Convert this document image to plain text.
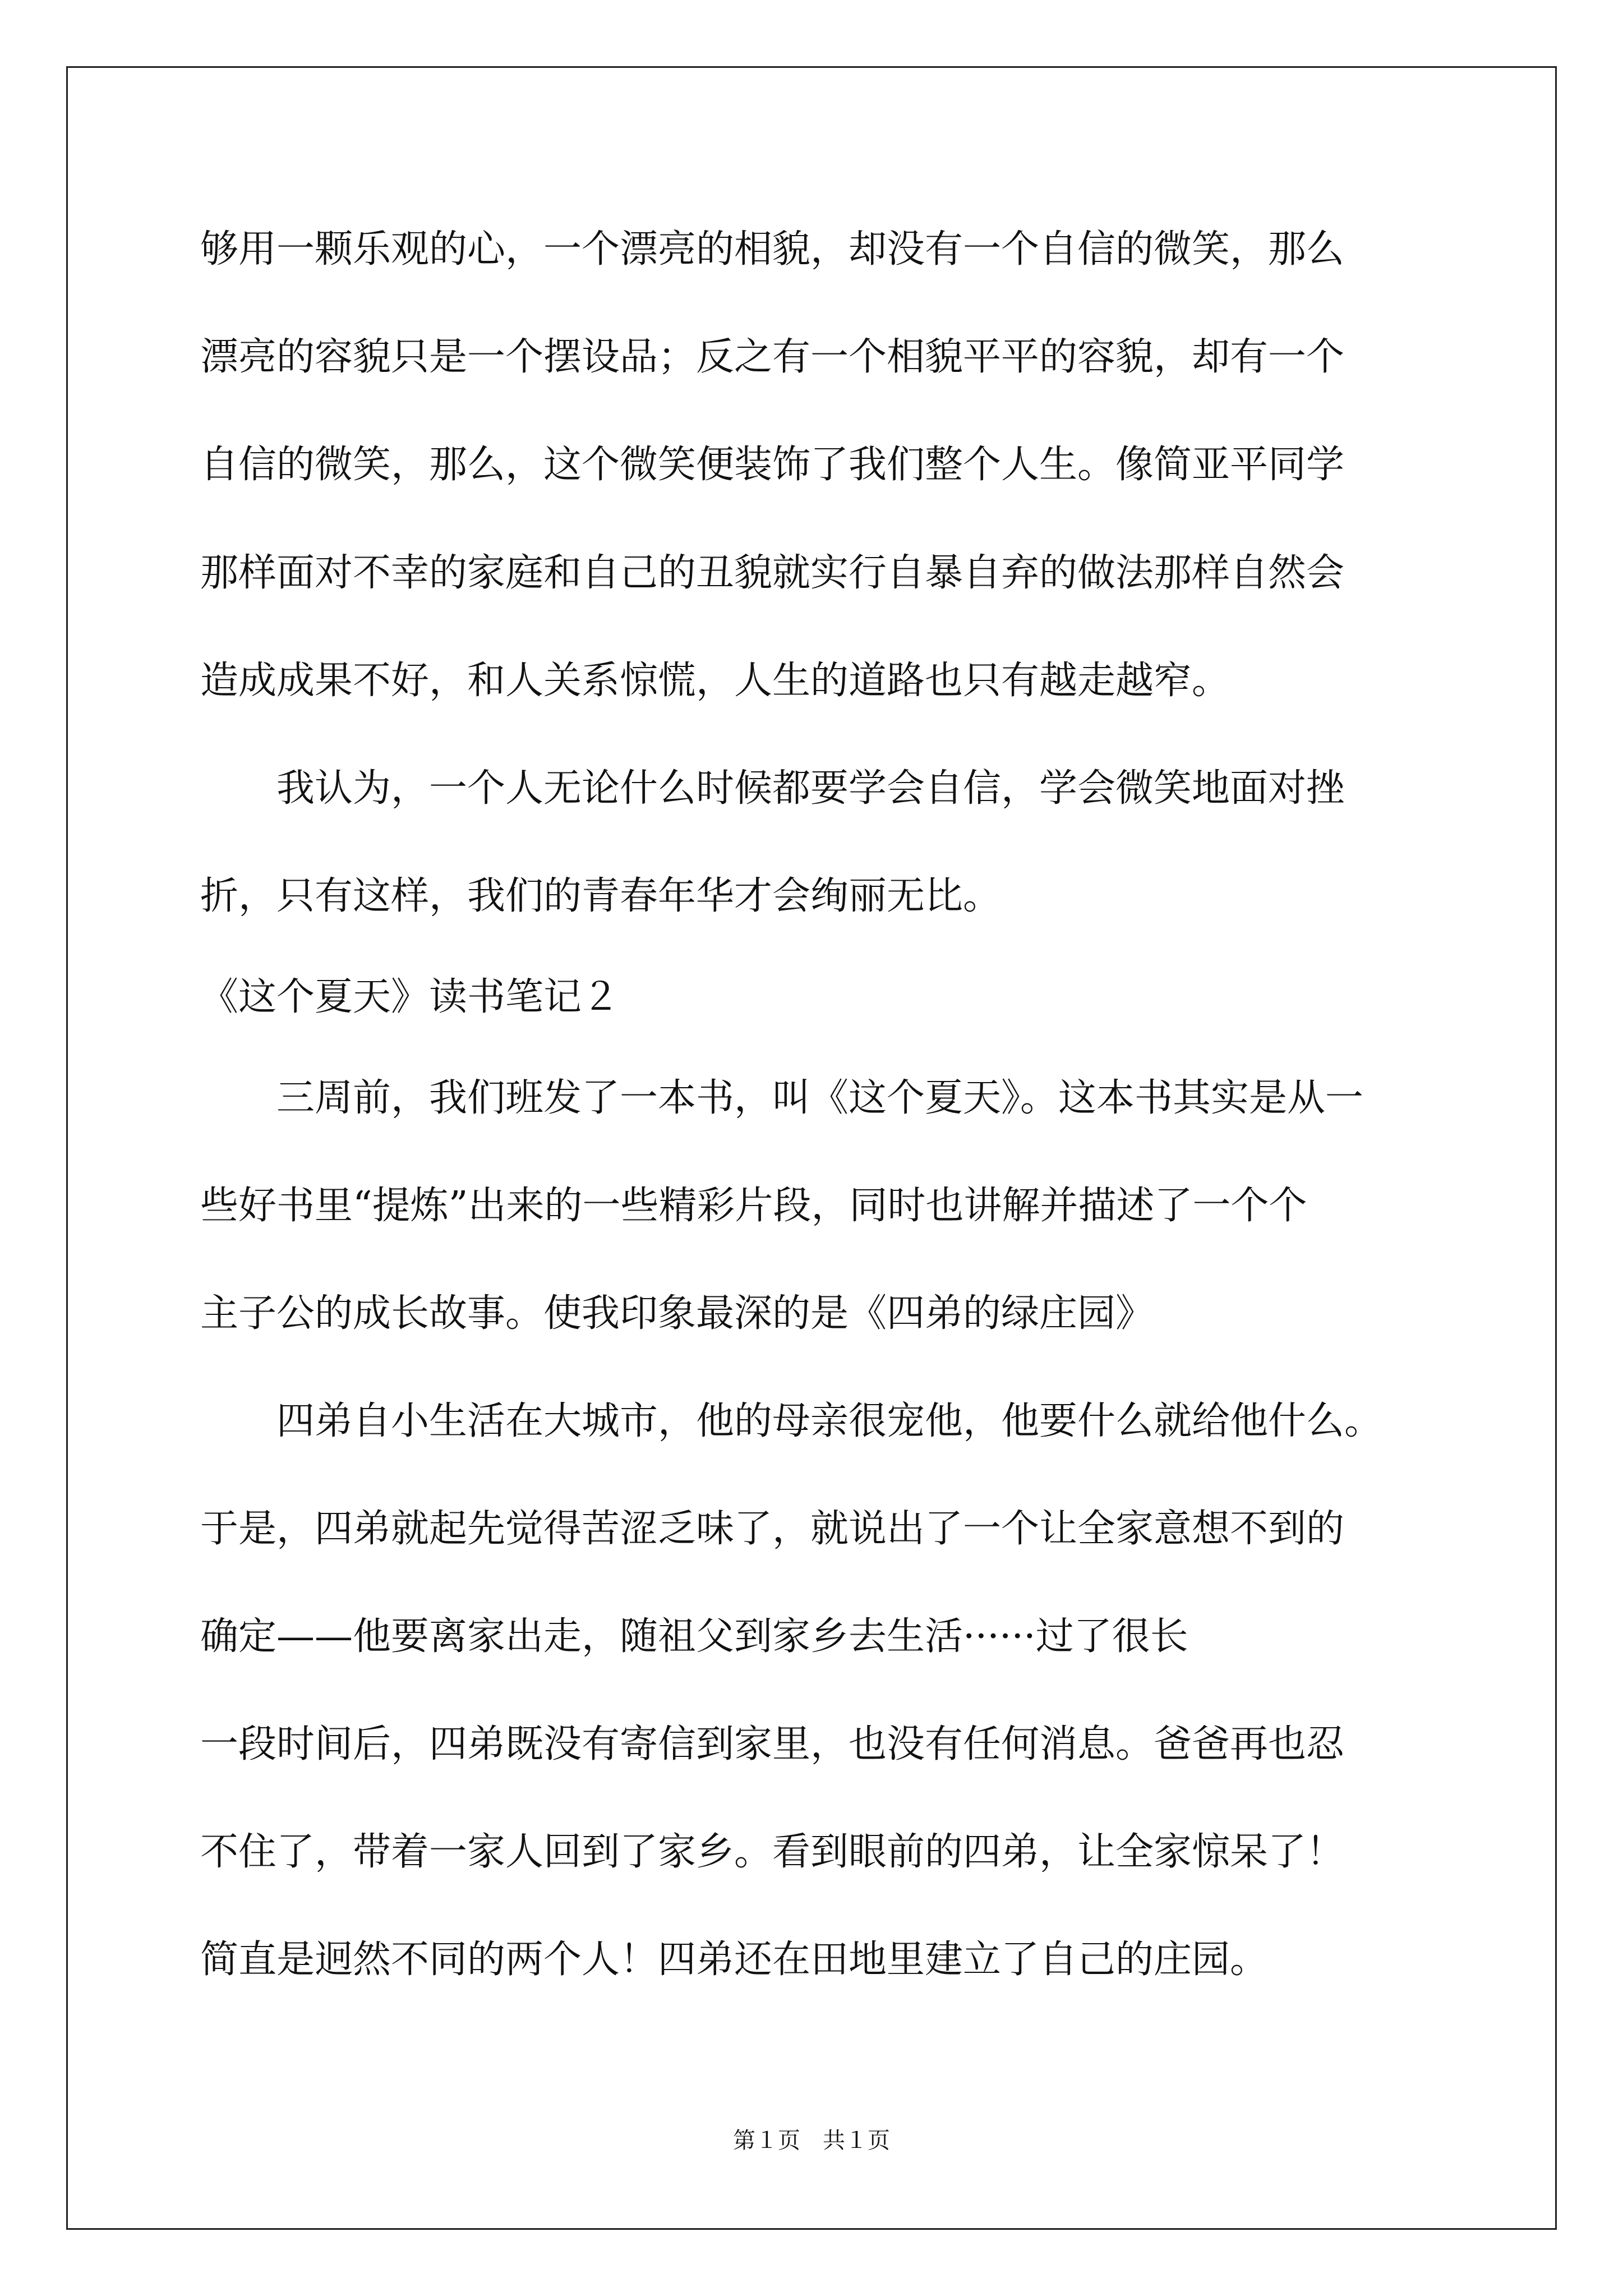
够用一颗乐观的心，一个漂亮的相貌，却没有一个自信的微笑，那么
漂亮的容貌只是一个摆设品；反之有一个相貌平平的容貌，却有一个
自信的微笑，那么，这个微笑便装饰了我们整个人生。像简亚平同学
那样面对不幸的家庭和自己的丑貌就实行自暴自弃的做法那样自然会
造成成果不好，和人关系惊慌，人生的道路也只有越走越窄。
　　我认为，一个人无论什么时候都要学会自信，学会微笑地面对挫
折，只有这样，我们的青春年华才会绚丽无比。
《这个夏天》读书笔记２
　　三周前，我们班发了一本书，叫《这个夏天》。这本书其实是从一
些好书里“提炼”出来的一些精彩片段，同时也讲解并描述了一个个
主子公的成长故事。使我印象最深的是《四弟的绿庄园》
　　四弟自小生活在大城市，他的母亲很宠他，他要什么就给他什么。
于是，四弟就起先觉得苦涩乏味了，就说出了一个让全家意想不到的
确定——他要离家出走，随祖父到家乡去生活······过了很长
一段时间后，四弟既没有寄信到家里，也没有任何消息。爸爸再也忍
不住了，带着一家人回到了家乡。看到眼前的四弟，让全家惊呆了！
简直是迥然不同的两个人！四弟还在田地里建立了自己的庄园。
第１页　共１页
